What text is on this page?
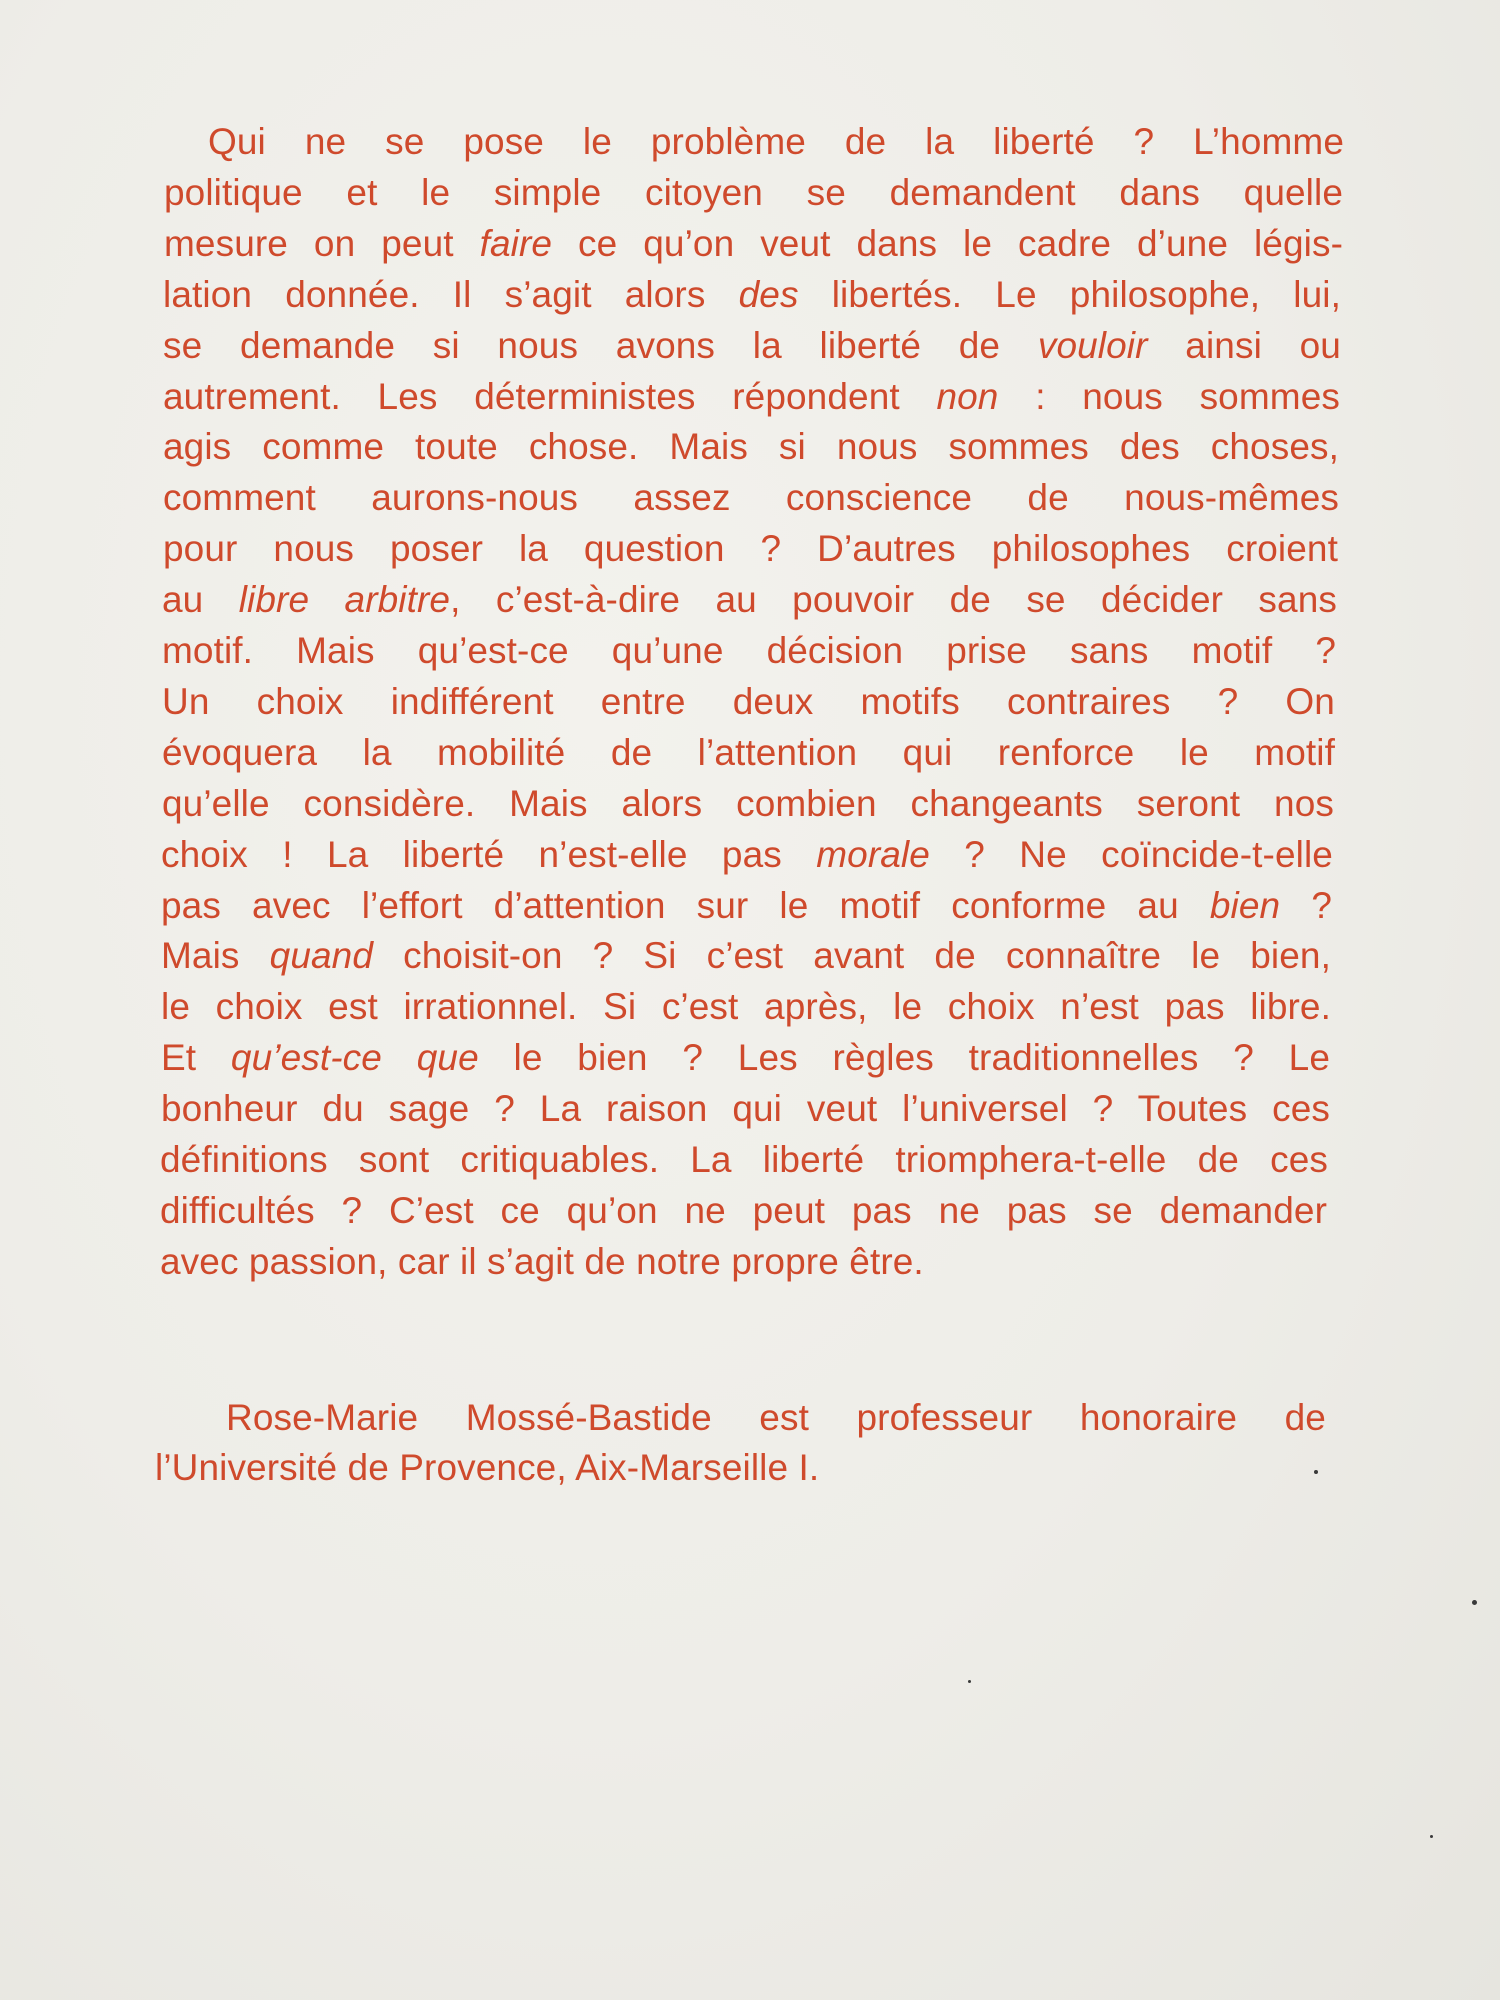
Qui ne se pose le problème de la liberté ? L’homme
politique et le simple citoyen se demandent dans quelle
mesure on peut faire ce qu’on veut dans le cadre d’une légis-
lation donnée. Il s’agit alors des libertés. Le philosophe, lui,
se demande si nous avons la liberté de vouloir ainsi ou
autrement. Les déterministes répondent non : nous sommes
agis comme toute chose. Mais si nous sommes des choses,
comment aurons-nous assez conscience de nous-mêmes
pour nous poser la question ? D’autres philosophes croient
au libre arbitre, c’est-à-dire au pouvoir de se décider sans
motif. Mais qu’est-ce qu’une décision prise sans motif ?
Un choix indifférent entre deux motifs contraires ? On
évoquera la mobilité de l’attention qui renforce le motif
qu’elle considère. Mais alors combien changeants seront nos
choix ! La liberté n’est-elle pas morale ? Ne coïncide-t-elle
pas avec l’effort d’attention sur le motif conforme au bien ?
Mais quand choisit-on ? Si c’est avant de connaître le bien,
le choix est irrationnel. Si c’est après, le choix n’est pas libre.
Et qu’est-ce que le bien ? Les règles traditionnelles ? Le
bonheur du sage ? La raison qui veut l’universel ? Toutes ces
définitions sont critiquables. La liberté triomphera-t-elle de ces
difficultés ? C’est ce qu’on ne peut pas ne pas se demander
avec passion, car il s’agit de notre propre être.
Rose-Marie Mossé-Bastide est professeur honoraire de
l’Université de Provence, Aix-Marseille I.
